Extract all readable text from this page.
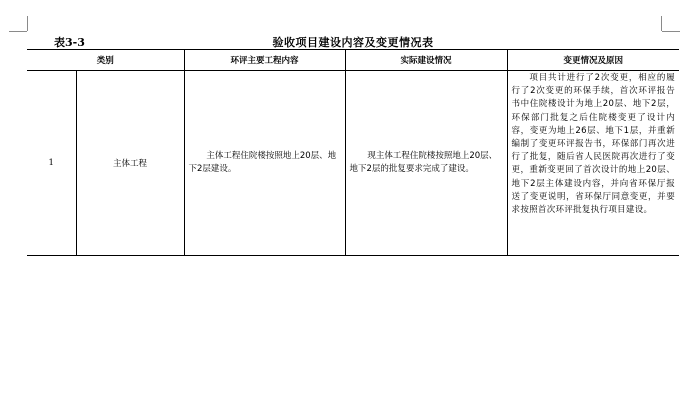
表3-3	验收项目建设内容及变更情况表
类别		环评主要工程内容	实际建设情况	变更情况及原因
1	主体工程	主体工程住院楼按照地上20层、地下2层建设。	现主体工程住院楼按照地上20层、地下2层的批复要求完成了建设。	项目共计进行了2次变更，相应的履行了2次变更的环保手续，首次环评报告书中住院楼设计为地上20层、地下2层，环保部门批复之后住院楼变更了设计内容，变更为地上26层、地下1层，并重新编制了变更环评报告书，环保部门再次进行了批复，随后省人民医院再次进行了变更，重新变更回了首次设计的地上20层、地下2层主体建设内容，并向省环保厅报送了变更说明，省环保厅同意变更，并要求按照首次环评批复执行项目建设。
